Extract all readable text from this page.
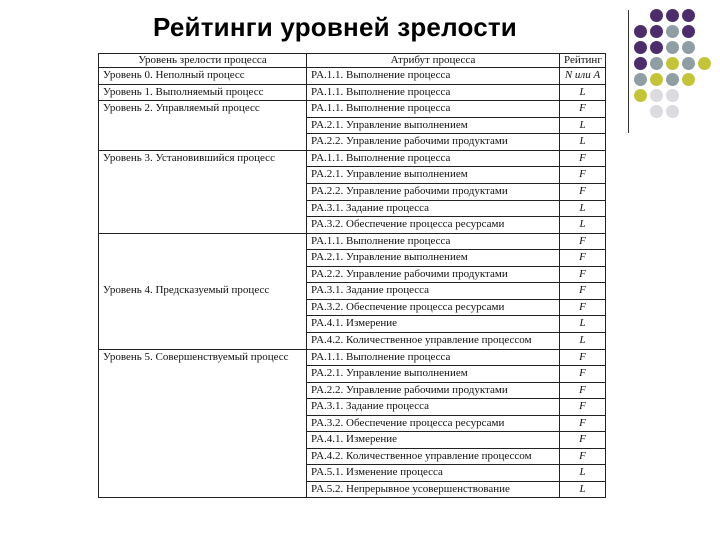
Рейтинги уровней зрелости
Уровень зрелости процесса	Атрибут процесса	Рейтинг
Уровень 0. Неполный процесс	PA.1.1. Выполнение процесса	N или A
Уровень 1. Выполняемый процесс	PA.1.1. Выполнение процесса	L
Уровень 2. Управляемый процесс	PA.1.1. Выполнение процесса	F
	PA.2.1. Управление выполнением	L
	PA.2.2. Управление рабочими продуктами	L
Уровень 3. Установившийся процесс	PA.1.1. Выполнение процесса	F
	PA.2.1. Управление выполнением	F
	PA.2.2. Управление рабочими продуктами	F
	PA.3.1. Задание процесса	L
	PA.3.2. Обеспечение процесса ресурсами	L
Уровень 4. Предсказуемый процесс	PA.1.1. Выполнение процесса	F
	PA.2.1. Управление выполнением	F
	PA.2.2. Управление рабочими продуктами	F
	PA.3.1. Задание процесса	F
	PA.3.2. Обеспечение процесса ресурсами	F
	PA.4.1. Измерение	L
	PA.4.2. Количественное управление процессом	L
Уровень 5. Совершенствуемый процесс	PA.1.1. Выполнение процесса	F
	PA.2.1. Управление выполнением	F
	PA.2.2. Управление рабочими продуктами	F
	PA.3.1. Задание процесса	F
	PA.3.2. Обеспечение процесса ресурсами	F
	PA.4.1. Измерение	F
	PA.4.2. Количественное управление процессом	F
	PA.5.1. Изменение процесса	L
	PA.5.2. Непрерывное усовершенствование	L
